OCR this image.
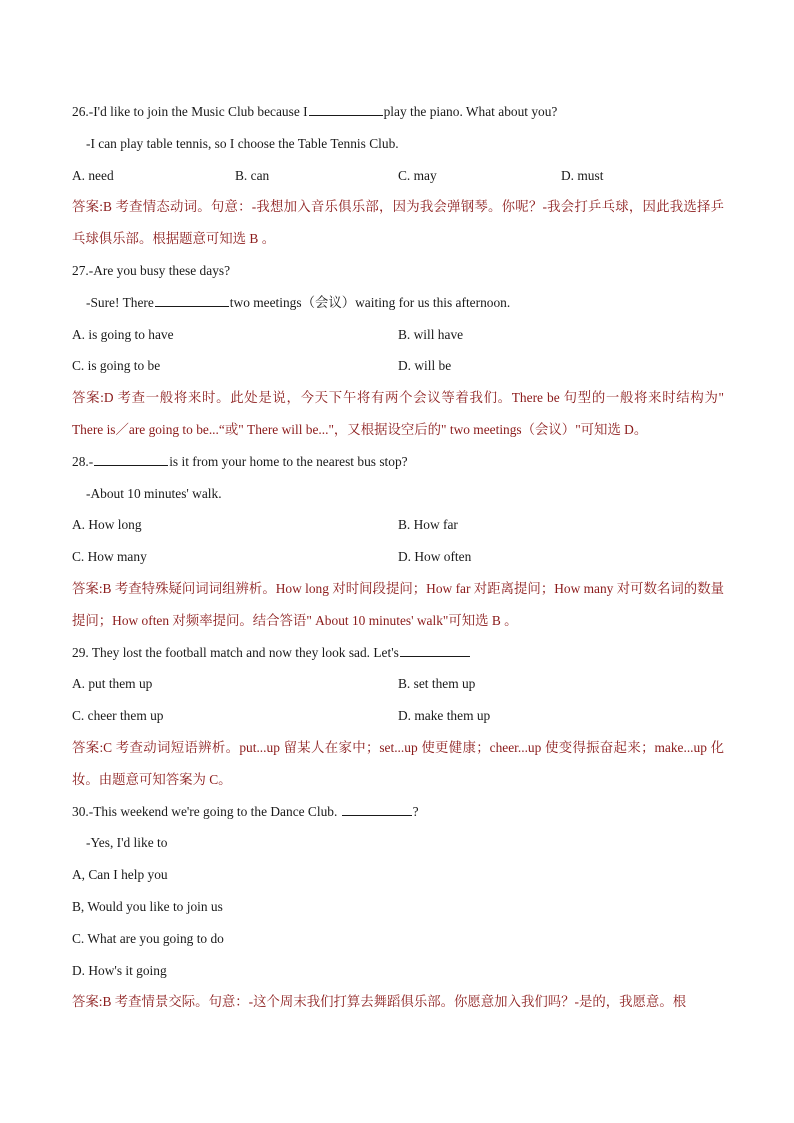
26.-I'd like to join the Music Club because I	play the piano. What about you?
-I can play table tennis, so I choose the Table Tennis Club.
A. need	B. can	C. may	D. must
答案:B 考查情态动词。句意：-我想加入音乐俱乐部，因为我会弹钢琴。你呢？-我会打乒乓球，因此我选择乒乓球俱乐部。根据题意可知选 B 。
27.-Are you busy these days?
-Sure! There	two meetings（会议）waiting for us this afternoon.
A. is going to have	B. will have
C. is going to be	D. will be
答案:D 考查一般将来时。此处是说，今天下午将有两个会议等着我们。There be 句型的一般将来时结构为" There is／are going to be...“或" There will be..."，又根据设空后的" two meetings（会议）"可知选 D。
28.-	is it from your home to the nearest bus stop?
-About 10 minutes' walk.
A. How long	B. How far
C. How many	D. How often
答案:B 考查特殊疑问词词组辨析。How long 对时间段提问；How far 对距离提问；How many 对可数名词的数量提问；How often 对频率提问。结合答语" About 10 minutes' walk"可知选 B 。
29. They lost the football match and now they look sad. Let's
A. put them up	B. set them up
C. cheer them up	D. make them up
答案:C 考查动词短语辨析。put...up 留某人在家中；set...up 使更健康；cheer...up 使变得振奋起来；make...up 化妆。由题意可知答案为 C。
30.-This weekend we're going to the Dance Club.	?
-Yes, I'd like to
A, Can I help you
B, Would you like to join us
C. What are you going to do
D. How's it going
答案:B 考查情景交际。句意：-这个周末我们打算去舞蹈俱乐部。你愿意加入我们吗？-是的，我愿意。根
